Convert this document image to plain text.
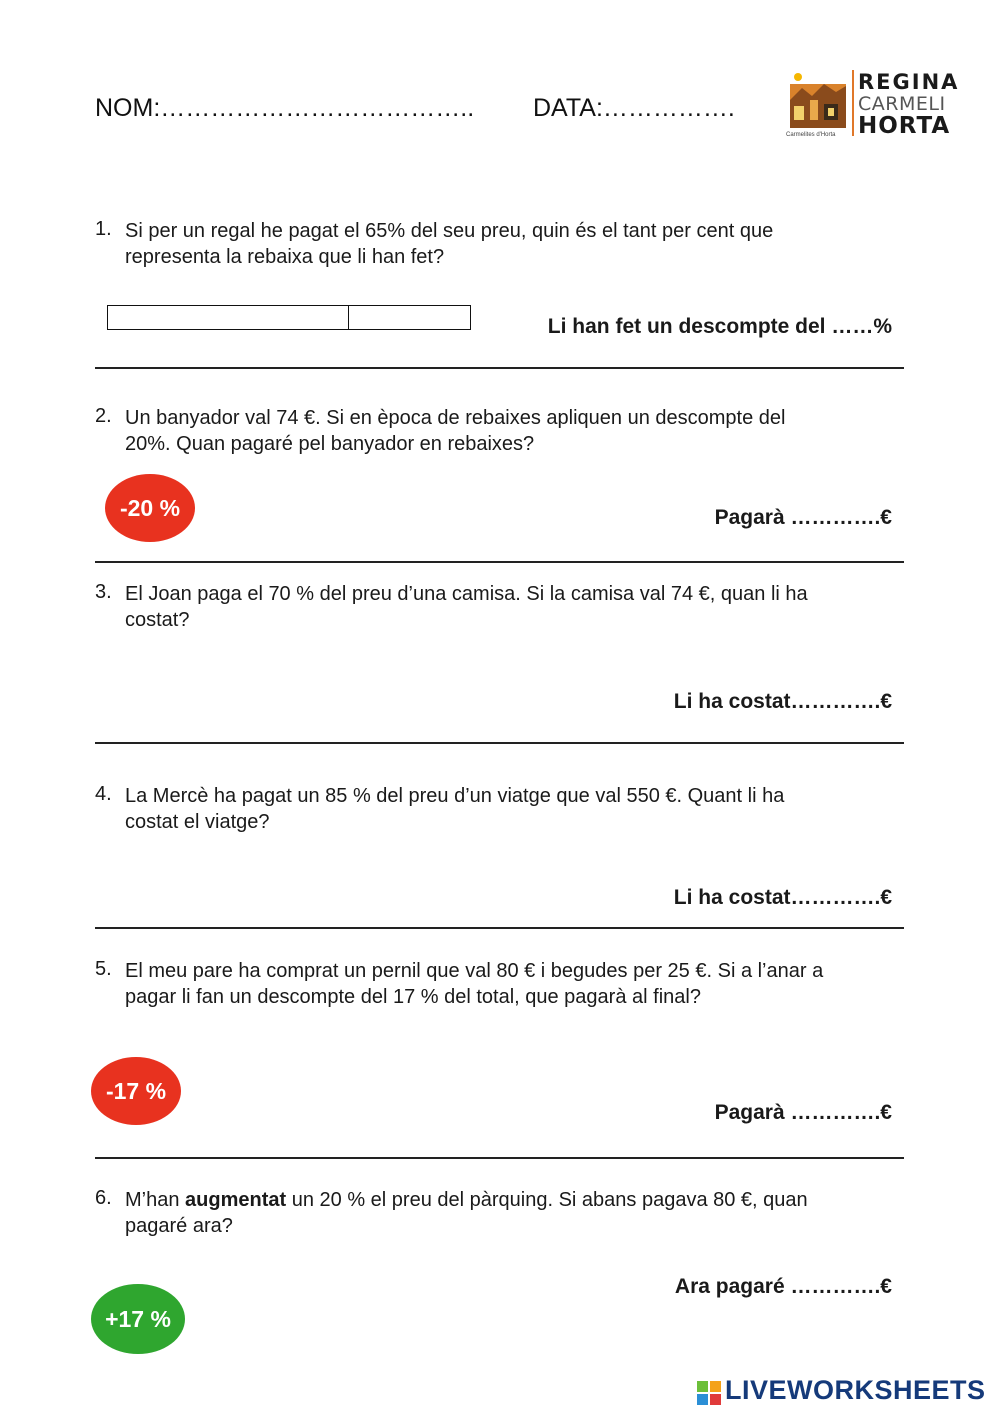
NOM:……………………………….. DATA:…………….
Carmelites d'Horta
REGINA
CARMELI
HORTA
1. Si per un regal he pagat el 65% del seu preu, quin és el tant per cent que
representa la rebaixa que li han fet?
Li han fet un descompte del ……%
2. Un banyador val 74 €. Si en època de rebaixes apliquen un descompte del
20%. Quan pagaré pel banyador en rebaixes?
-20 %	Pagarà ………….€
3. El Joan paga el 70 % del preu d’una camisa. Si la camisa val 74 €, quan li ha
costat?
Li ha costat………….€
4. La Mercè ha pagat un 85 % del preu d’un viatge que val 550 €. Quant li ha
costat el viatge?
Li ha costat………….€
5. El meu pare ha comprat un pernil que val 80 € i begudes per 25 €. Si a l’anar a
pagar li fan un descompte del 17 % del total, que pagarà al final?
-17 %
Pagarà ………….€
6. M’han augmentat un 20 % el preu del pàrquing. Si abans pagava 80 €, quan
pagaré ara?
Ara pagaré ………….€
+17 %
LIVEWORKSHEETS
